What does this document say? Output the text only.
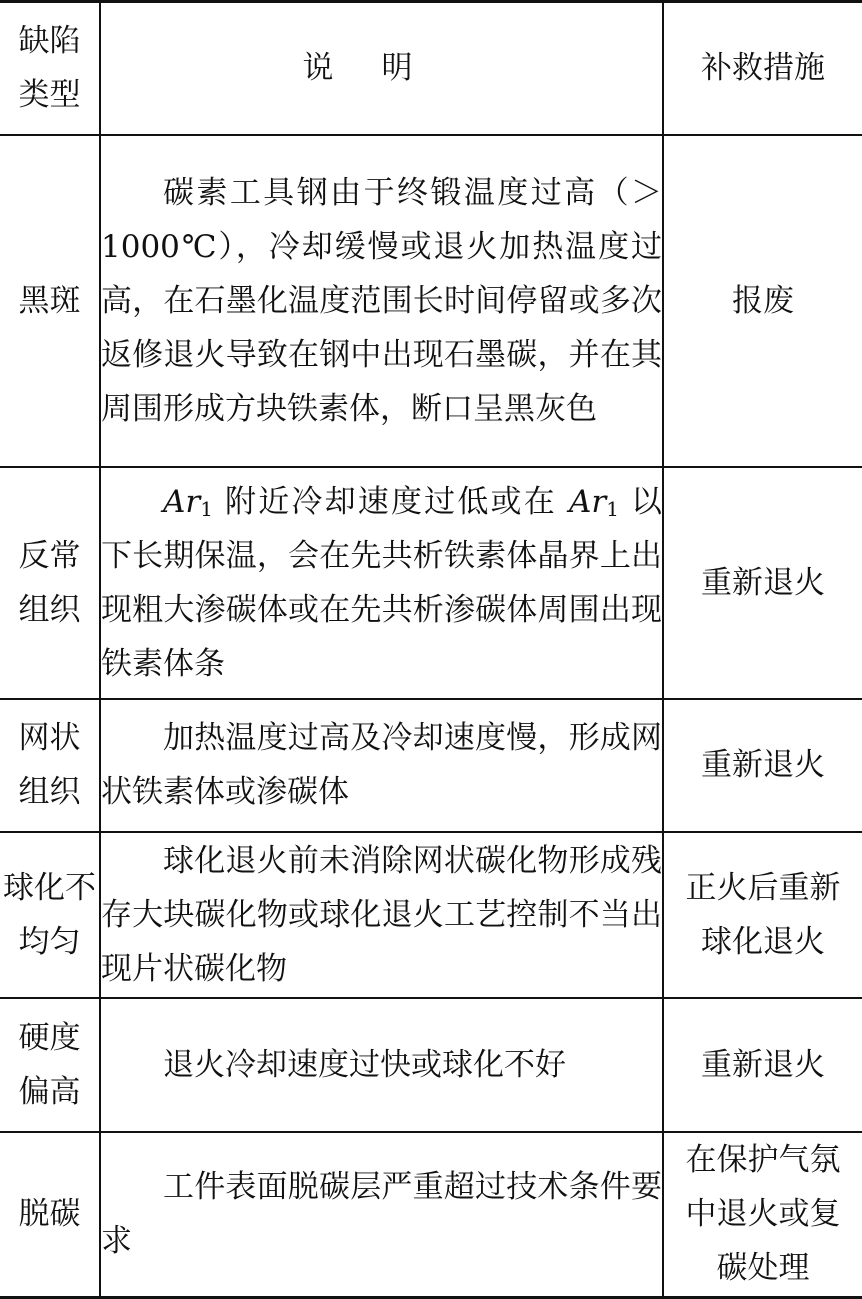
缺陷类型	说明	补救措施
黑斑	碳素工具钢由于终锻温度过高（＞1000℃），冷却缓慢或退火加热温度过高，在石墨化温度范围长时间停留或多次返修退火导致在钢中出现石墨碳，并在其周围形成方块铁素体，断口呈黑灰色	报废
反常组织	$Ar_1$ 附近冷却速度过低或在 $Ar_1$ 以下长期保温，会在先共析铁素体晶界上出现粗大渗碳体或在先共析渗碳体周围出现铁素体条	重新退火
网状组织	加热温度过高及冷却速度慢，形成网状铁素体或渗碳体	重新退火
球化不均匀	球化退火前未消除网状碳化物形成残存大块碳化物或球化退火工艺控制不当出现片状碳化物	正火后重新球化退火
硬度偏高	退火冷却速度过快或球化不好	重新退火
脱碳	工件表面脱碳层严重超过技术条件要求	在保护气氛中退火或复碳处理
